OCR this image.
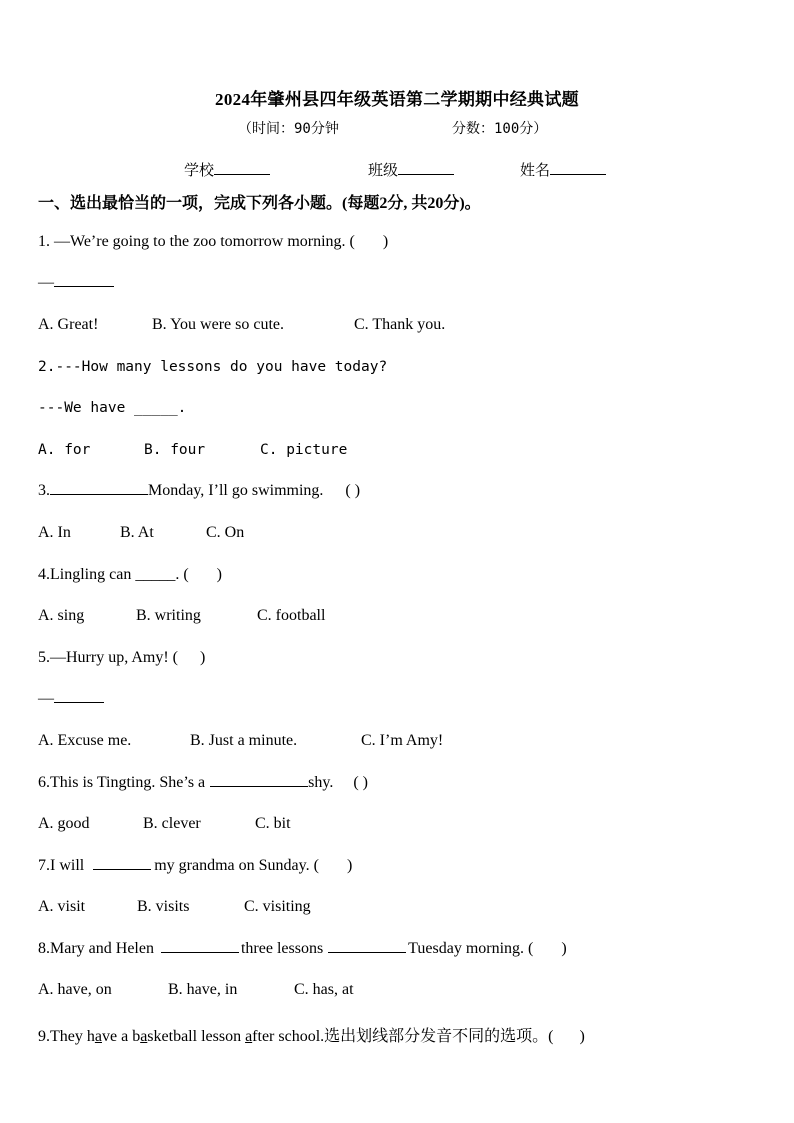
2024年肇州县四年级英语第二学期期中经典试题
（时间：90分钟	分数：100分）
学校	班级	姓名
一、选出最恰当的一项，完成下列各小题。(每题2分, 共20分)。
1. —We’re going to the zoo tomorrow morning. ( )
—
A. Great!	B. You were so cute.	C. Thank you.
2.---How many lessons do you have today?
---We have _____.
A. for	B. four	C. picture
3.	Monday, I’ll go swimming. ( )
A. In	B. At	C. On
4.Lingling can _____. ( )
A. sing	B. writing	C. football
5.—Hurry up, Amy! ( )
—
A. Excuse me.	B. Just a minute.	C. I’m Amy!
6.This is Tingting. She’s a	shy. ( )
A. good	B. clever	C. bit
7.I will	my grandma on Sunday. ( )
A. visit	B. visits	C. visiting
8.Mary and Helen	three lessons	Tuesday morning. ( )
A. have, on	B. have, in	C. has, at
9.They have a basketball lesson after school.选出划线部分发音不同的选项。( )
